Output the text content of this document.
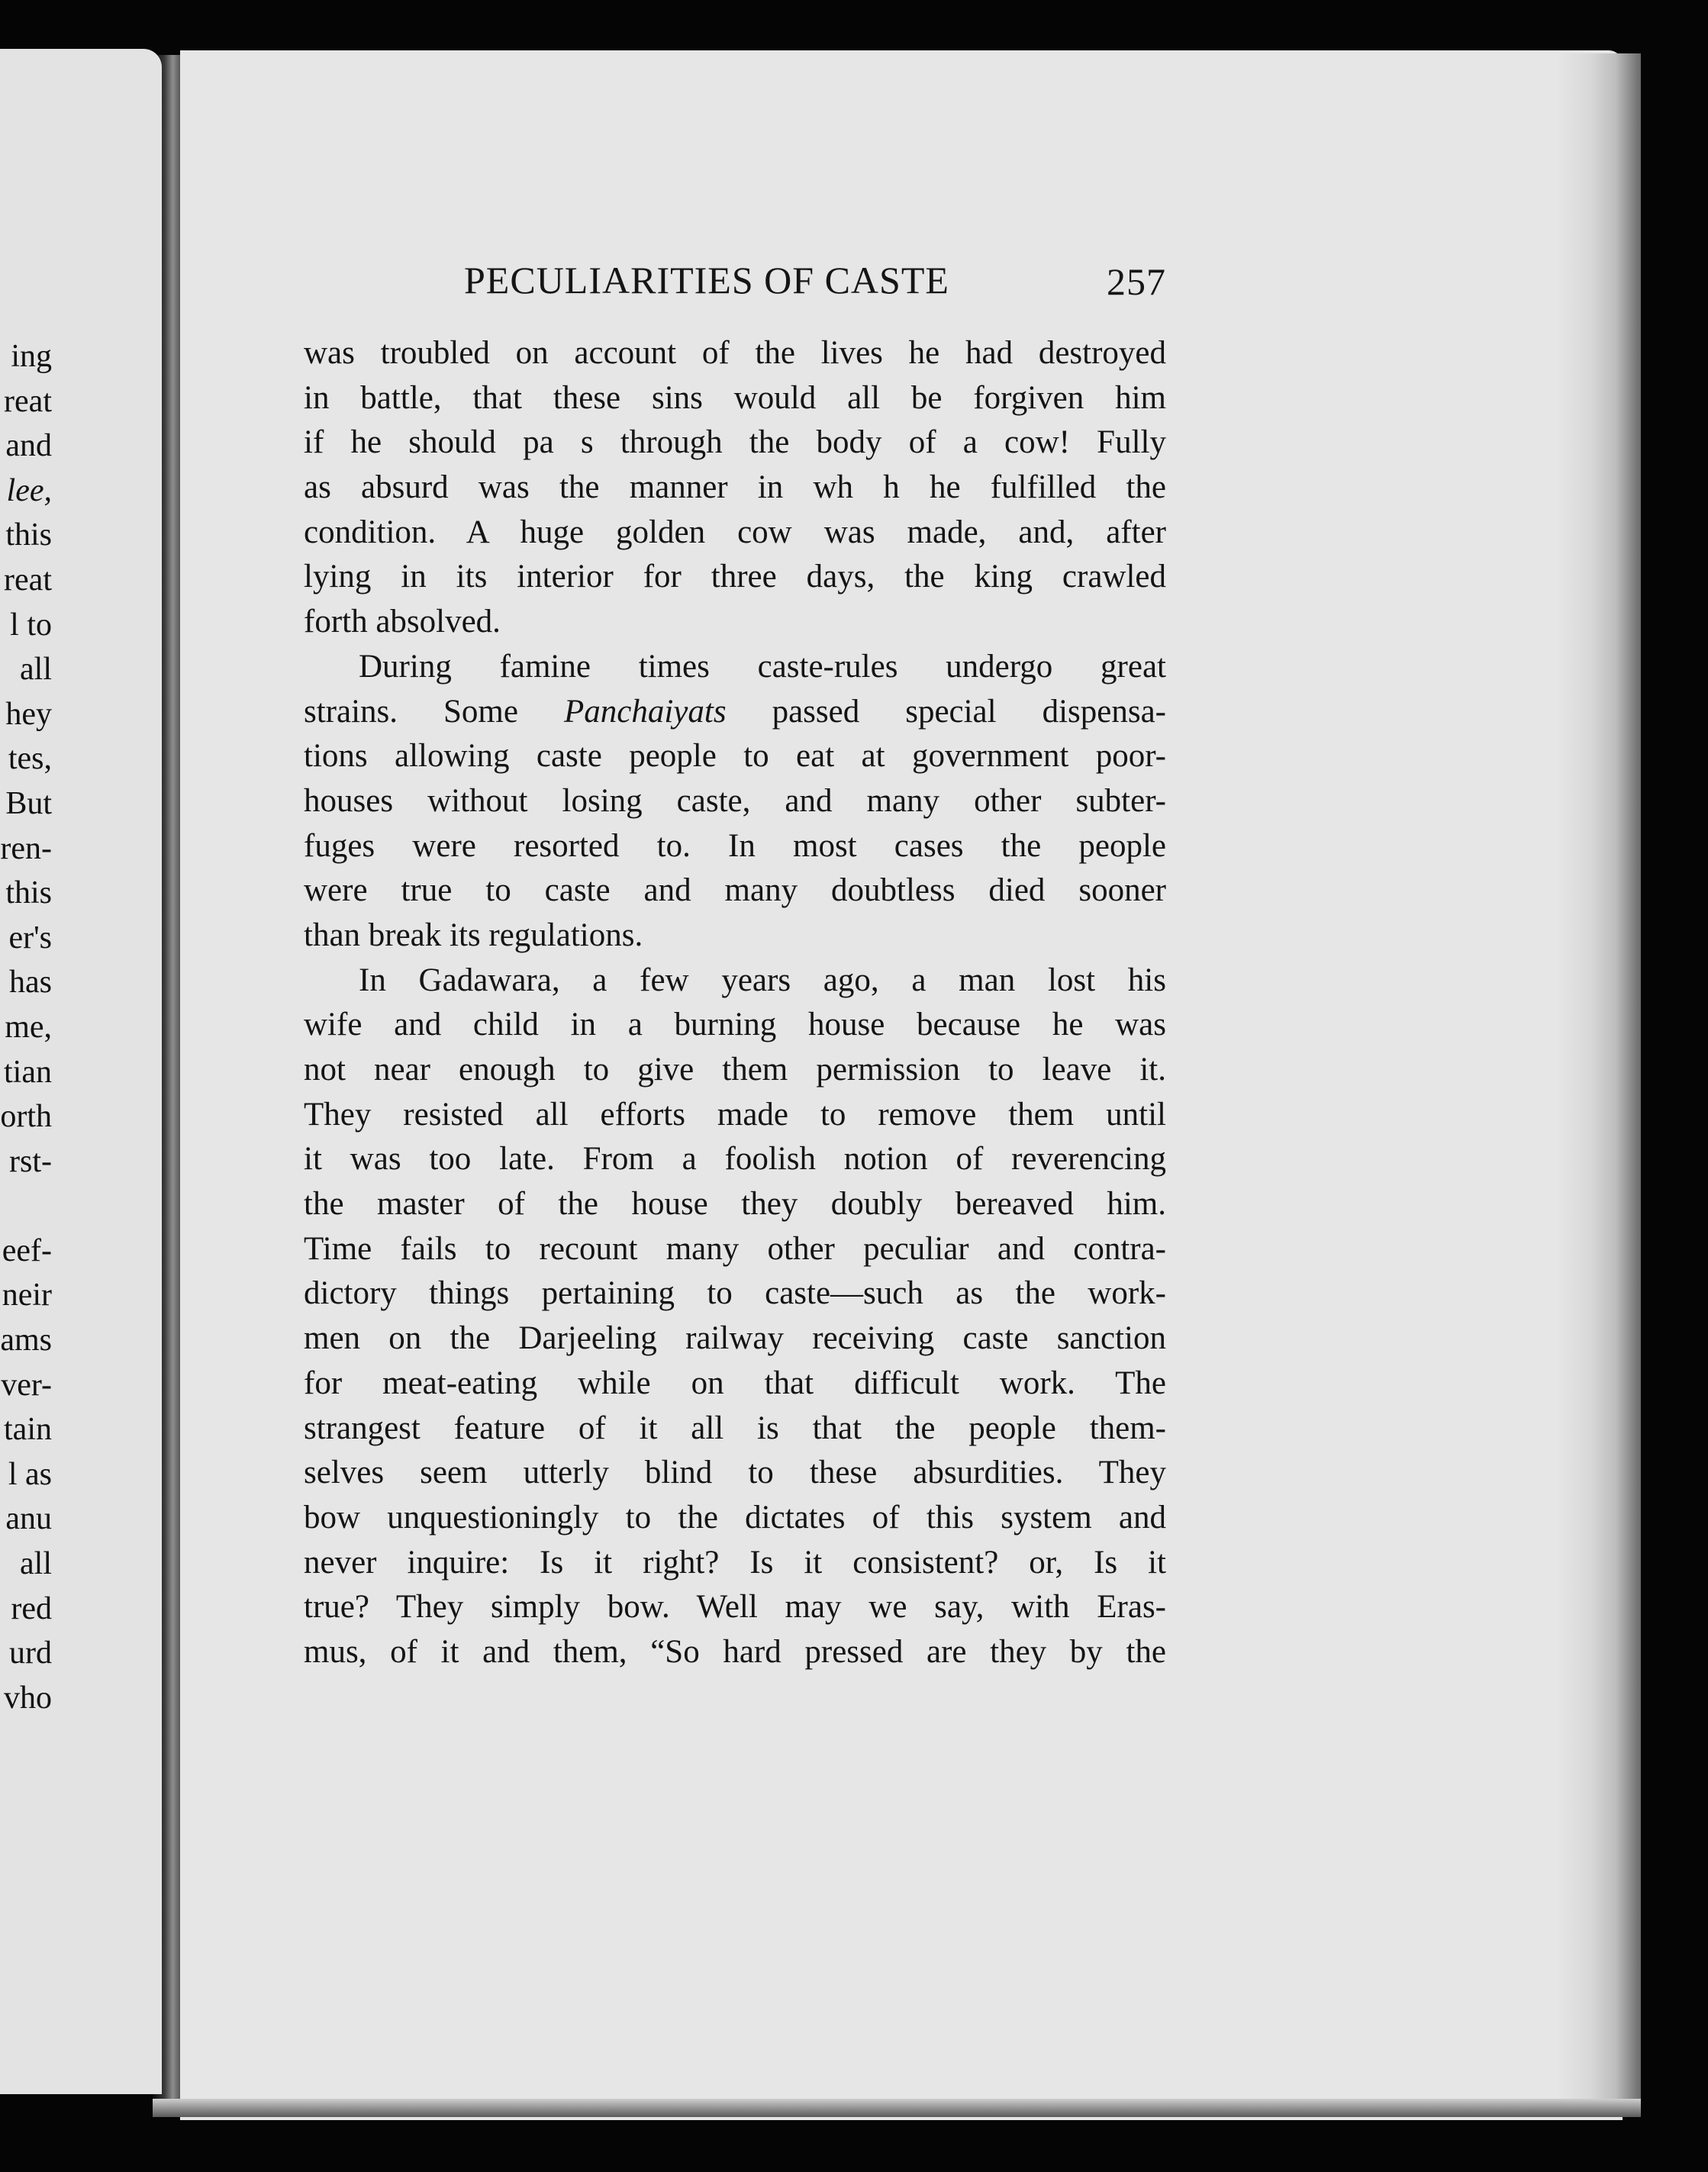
ing
reat
and
lee,
this
reat
l to
all
hey
tes,
But
ren-
this
er's
has
me,
tian
orth
rst-
eef-
neir
ams
ver-
tain
l as
anu
all
red
urd
vho
PECULIARITIES OF CASTE	257
was troubled on account of the lives he had destroyed
in battle, that these sins would all be forgiven him
if he should pa s through the body of a cow! Fully
as absurd was the manner in wh h he fulfilled the
condition. A huge golden cow was made, and, after
lying in its interior for three days, the king crawled
forth absolved.
During famine times caste-rules undergo great
strains. Some Panchaiyats passed special dispensa-
tions allowing caste people to eat at government poor-
houses without losing caste, and many other subter-
fuges were resorted to. In most cases the people
were true to caste and many doubtless died sooner
than break its regulations.
In Gadawara, a few years ago, a man lost his
wife and child in a burning house because he was
not near enough to give them permission to leave it.
They resisted all efforts made to remove them until
it was too late. From a foolish notion of reverencing
the master of the house they doubly bereaved him.
Time fails to recount many other peculiar and contra-
dictory things pertaining to caste—such as the work-
men on the Darjeeling railway receiving caste sanction
for meat-eating while on that difficult work. The
strangest feature of it all is that the people them-
selves seem utterly blind to these absurdities. They
bow unquestioningly to the dictates of this system and
never inquire: Is it right? Is it consistent? or, Is it
true? They simply bow. Well may we say, with Eras-
mus, of it and them, “So hard pressed are they by the
